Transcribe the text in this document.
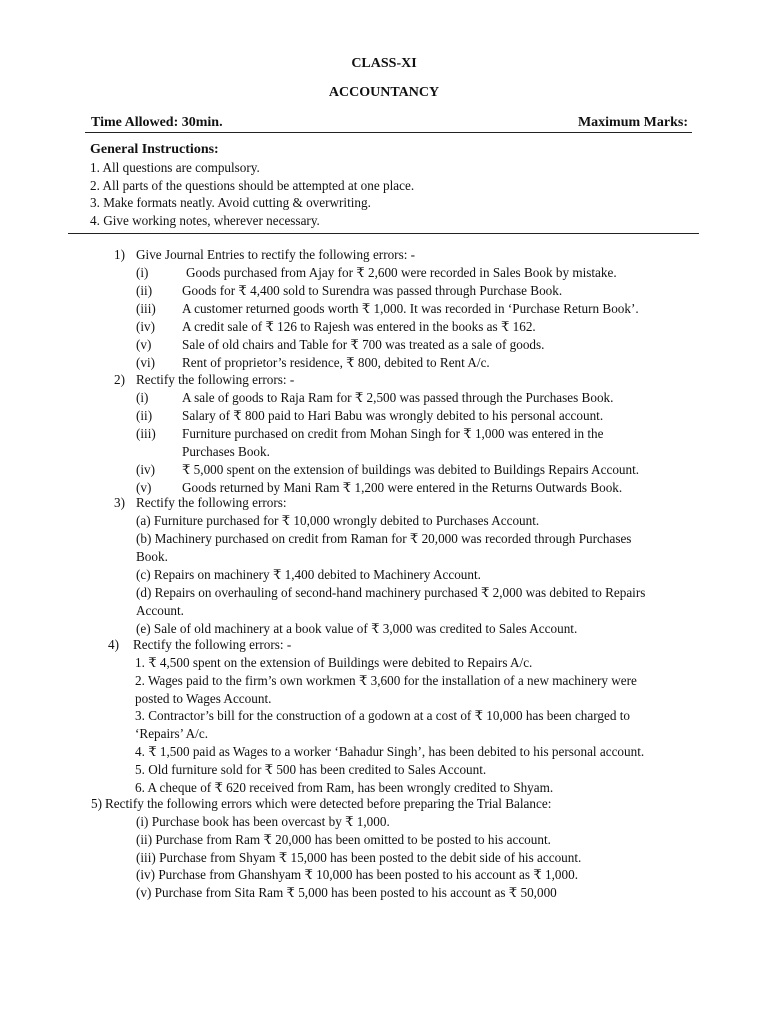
CLASS-XI
ACCOUNTANCY
Time Allowed: 30min.	Maximum Marks:
General Instructions:
1. All questions are compulsory.
2. All parts of the questions should be attempted at one place.
3. Make formats neatly. Avoid cutting & overwriting.
4. Give working notes, wherever necessary.
1) Give Journal Entries to rectify the following errors: -
(i)	Goods purchased from Ajay for ₹ 2,600 were recorded in Sales Book by mistake.
(ii) Goods for ₹ 4,400 sold to Surendra was passed through Purchase Book.
(iii) A customer returned goods worth ₹ 1,000. It was recorded in ‘Purchase Return Book’.
(iv) A credit sale of ₹ 126 to Rajesh was entered in the books as ₹ 162.
(v) Sale of old chairs and Table for ₹ 700 was treated as a sale of goods.
(vi) Rent of proprietor’s residence, ₹ 800, debited to Rent A/c.
2) Rectify the following errors: -
(i)	A sale of goods to Raja Ram for ₹ 2,500 was passed through the Purchases Book.
(ii) Salary of ₹ 800 paid to Hari Babu was wrongly debited to his personal account.
(iii) Furniture purchased on credit from Mohan Singh for ₹ 1,000 was entered in the
Purchases Book.
(iv) ₹ 5,000 spent on the extension of buildings was debited to Buildings Repairs Account.
(v) Goods returned by Mani Ram ₹ 1,200 were entered in the Returns Outwards Book.
3) Rectify the following errors:
(a) Furniture purchased for ₹ 10,000 wrongly debited to Purchases Account.
(b) Machinery purchased on credit from Raman for ₹ 20,000 was recorded through Purchases
Book.
(c) Repairs on machinery ₹ 1,400 debited to Machinery Account.
(d) Repairs on overhauling of second-hand machinery purchased ₹ 2,000 was debited to Repairs
Account.
(e) Sale of old machinery at a book value of ₹ 3,000 was credited to Sales Account.
4) Rectify the following errors: -
1. ₹ 4,500 spent on the extension of Buildings were debited to Repairs A/c.
2. Wages paid to the firm’s own workmen ₹ 3,600 for the installation of a new machinery were
posted to Wages Account.
3. Contractor’s bill for the construction of a godown at a cost of ₹ 10,000 has been charged to
‘Repairs’ A/c.
4. ₹ 1,500 paid as Wages to a worker ‘Bahadur Singh’, has been debited to his personal account.
5. Old furniture sold for ₹ 500 has been credited to Sales Account.
6. A cheque of ₹ 620 received from Ram, has been wrongly credited to Shyam.
5) Rectify the following errors which were detected before preparing the Trial Balance:
(i) Purchase book has been overcast by ₹ 1,000.
(ii) Purchase from Ram ₹ 20,000 has been omitted to be posted to his account.
(iii) Purchase from Shyam ₹ 15,000 has been posted to the debit side of his account.
(iv) Purchase from Ghanshyam ₹ 10,000 has been posted to his account as ₹ 1,000.
(v) Purchase from Sita Ram ₹ 5,000 has been posted to his account as ₹ 50,000
